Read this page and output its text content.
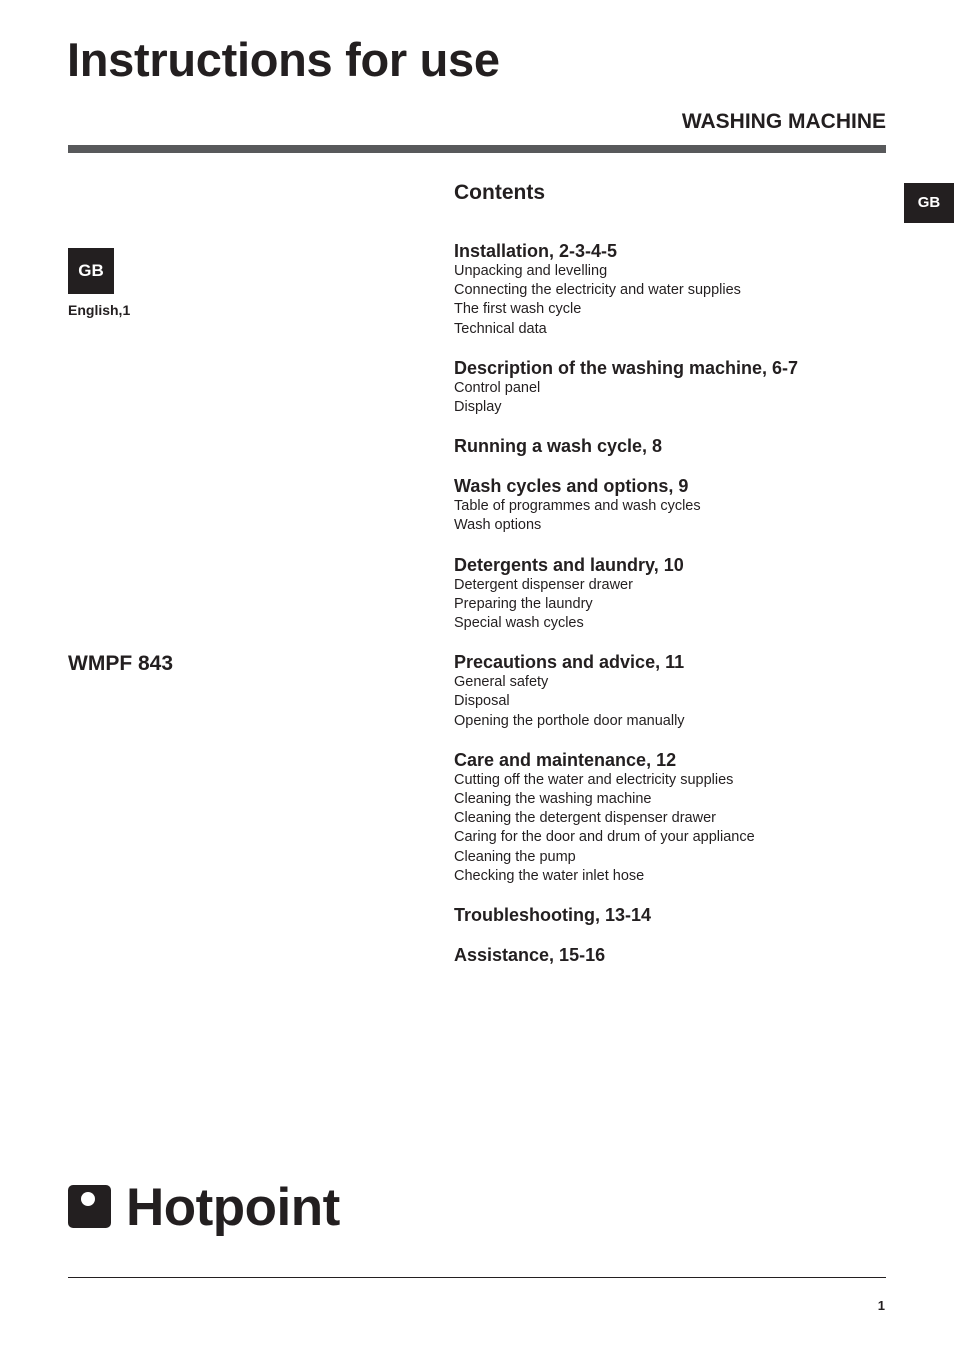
Instructions for use
WASHING MACHINE
GB
GB
English,1
WMPF 843
Contents
Installation, 2-3-4-5
Unpacking and levelling
Connecting the electricity and water supplies
The first wash cycle
Technical data
Description of the washing machine, 6-7
Control panel
Display
Running a wash cycle, 8
Wash cycles and options, 9
Table of programmes and wash cycles
Wash options
Detergents and laundry, 10
Detergent dispenser drawer
Preparing the laundry
Special wash cycles
Precautions and advice, 11
General safety
Disposal
Opening the porthole door manually
Care and maintenance, 12
Cutting off the water and electricity supplies
Cleaning the washing machine
Cleaning the detergent dispenser drawer
Caring for the door and drum of your appliance
Cleaning the pump
Checking the water inlet hose
Troubleshooting, 13-14
Assistance, 15-16
Hotpoint
1
